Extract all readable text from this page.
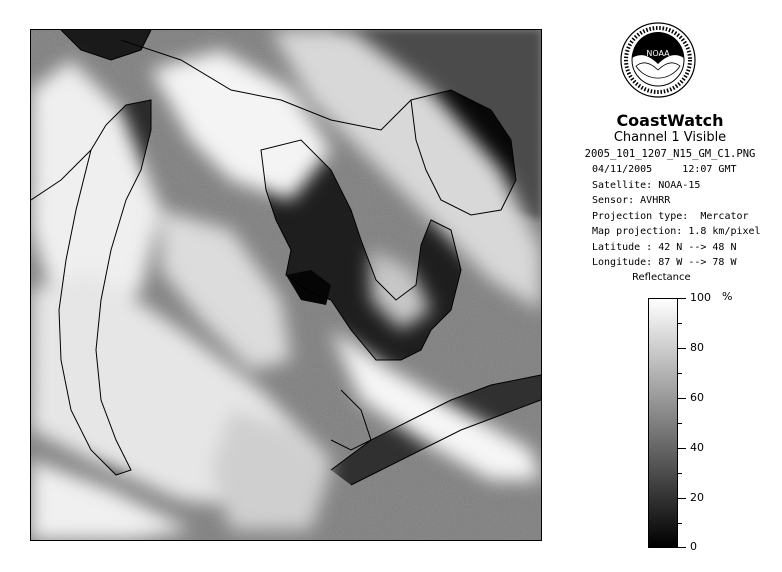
NOAA
CoastWatch
Channel 1 Visible
2005_101_1207_N15_GM_C1.PNG
04/11/2005     12:07 GMT
Satellite: NOAA-15
Sensor: AVHRR
Projection type:  Mercator
Map projection: 1.8 km/pixel
Latitude : 42 N --> 48 N
Longitude: 87 W --> 78 W
Reflectance
%
100
80
60
40
20
0
